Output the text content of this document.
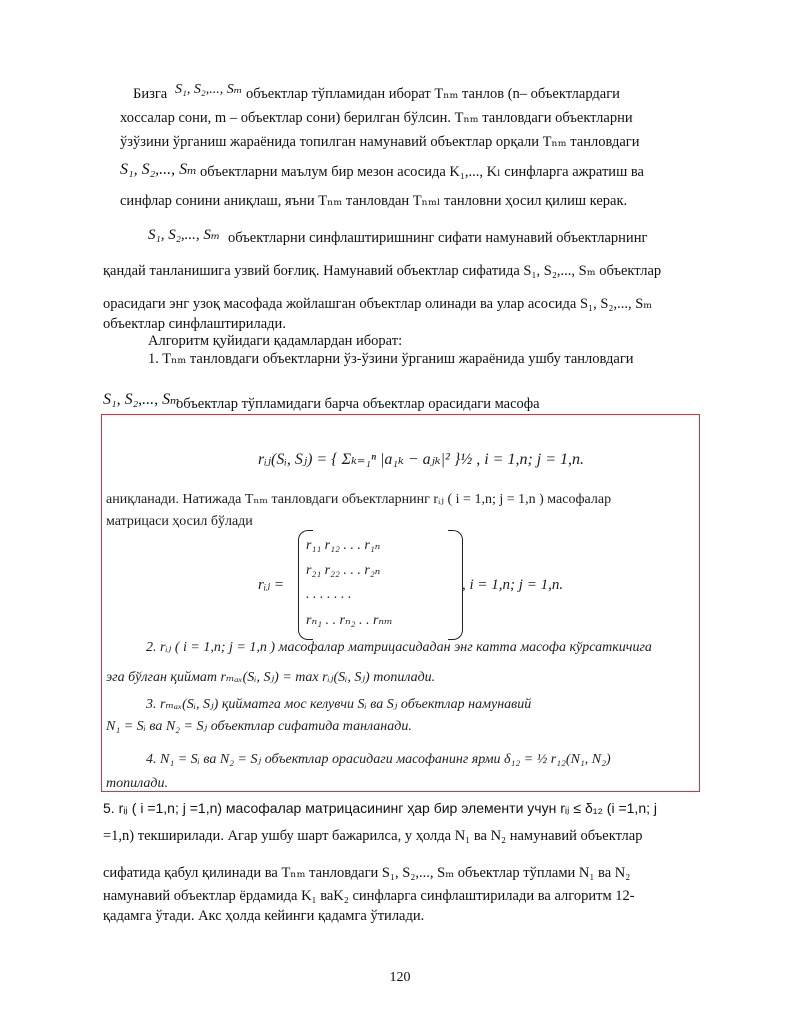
Бизга S₁, S₂,..., Sₘ объектлар тўпламидан иборат Tₙₘ танлов (n– объектлардаги
хоссалар сони, m – объектлар сони) берилган бўлсин. Tₙₘ танловдаги объектларни
ўзўзини ўрганиш жараёнида топилган намунавий объектлар орқали Tₙₘ танловдаги
S₁, S₂,..., Sₘ объектларни маълум бир мезон асосида K₁,..., Kₗ синфларга ажратиш ва
синфлар сонини аниқлаш, яъни Tₙₘ танловдан Tₙₘₗ танловни ҳосил қилиш керак.
S₁, S₂,..., Sₘ объектларни синфлаштиришнинг сифати намунавий объектларнинг
қандай танланишига узвий боғлиқ. Намунавий объектлар сифатида S₁, S₂,..., Sₘ объектлар
орасидаги энг узоқ масофада жойлашган объектлар олинади ва улар асосида S₁, S₂,..., Sₘ
объектлар синфлаштирилади.
Алгоритм қуйидаги қадамлардан иборат:
1. Tₙₘ танловдаги объектларни ўз-ўзини ўрганиш жараёнида ушбу танловдаги
S₁, S₂,..., Sₘ
объектлар тўпламидаги барча объектлар орасидаги масофа
rᵢⱼ(Sᵢ, Sⱼ) = { Σₖ₌₁ⁿ |a₁ₖ − aⱼₖ|² }½ , i = 1,n; j = 1,n.
аниқланади. Натижада Tₙₘ танловдаги объектларнинг rᵢⱼ ( i = 1,n; j = 1,n ) масофалар
матрицаси ҳосил бўлади
rᵢⱼ =
r₁₁ r₁₂ . . . r₁ₙ
r₂₁ r₂₂ . . . r₂ₙ
. . . . . . .
rₙ₁ . . rₙ₂ . . rₙₘ
, i = 1,n; j = 1,n.
2. rᵢⱼ ( i = 1,n; j = 1,n ) масофалар матрицасидадан энг катта масофа кўрсаткичига
эга бўлган қиймат rₘₐₓ(Sᵢ, Sⱼ) = max rᵢⱼ(Sᵢ, Sⱼ) топилади.
3. rₘₐₓ(Sᵢ, Sⱼ) қийматга мос келувчи Sᵢ ва Sⱼ объектлар намунавий
N₁ = Sᵢ ва N₂ = Sⱼ объектлар сифатида танланади.
4. N₁ = Sᵢ ва N₂ = Sⱼ объектлар орасидаги масофанинг ярми δ₁₂ = ½ r₁₂(N₁, N₂)
топилади.
5. rᵢⱼ ( i =1,n; j =1,n) масофалар матрицасининг ҳар бир элементи учун rᵢⱼ ≤ δ₁₂ (i =1,n; j
=1,n) текширилади. Агар ушбу шарт бажарилса, у ҳолда N₁ ва N₂ намунавий объектлар
сифатида қабул қилинади ва Tₙₘ танловдаги S₁, S₂,..., Sₘ объектлар тўплами N₁ ва N₂
намунавий объектлар ёрдамида K₁ ваK₂ синфларга синфлаштирилади ва алгоритм 12-
қадамга ўтади. Акс ҳолда кейинги қадамга ўтилади.
120
